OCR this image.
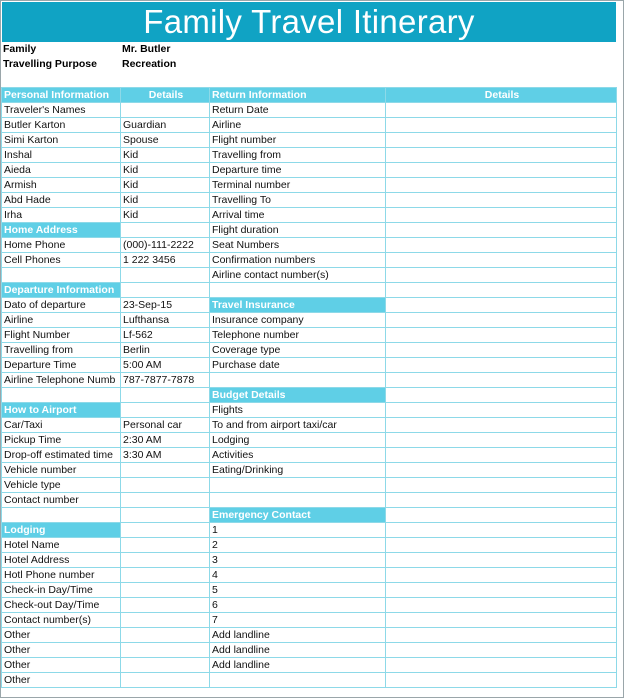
Family Travel Itinerary
Family	Mr. Butler
Travelling Purpose Recreation
Personal Information	Details	Return Information	Details
Traveler's Names		Return Date	
Butler Karton	Guardian	Airline	
Simi Karton	Spouse	Flight number	
Inshal	Kid	Travelling from	
Aieda	Kid	Departure time	
Armish	Kid	Terminal number	
Abd Hade	Kid	Travelling To	
Irha	Kid	Arrival time	
Home Address		Flight duration	
Home Phone	(000)-111-2222	Seat Numbers	
Cell Phones	1 222 3456	Confirmation numbers	
		Airline contact number(s)	
Departure Information			
Dato of departure	23-Sep-15	Travel Insurance	
Airline	Lufthansa	Insurance company	
Flight Number	Lf-562	Telephone number	
Travelling from	Berlin	Coverage type	
Departure Time	5:00 AM	Purchase date	
Airline Telephone Numb	787-7877-7878		
		Budget Details	
How to Airport		Flights	
Car/Taxi	Personal car	To and from airport taxi/car	
Pickup Time	2:30 AM	Lodging	
Drop-off estimated time	3:30 AM	Activities	
Vehicle number		Eating/Drinking	
Vehicle type			
Contact number			
		Emergency Contact	
Lodging		1	
Hotel Name		2	
Hotel Address		3	
Hotl Phone number		4	
Check-in Day/Time		5	
Check-out Day/Time		6	
Contact number(s)		7	
Other		Add landline	
Other		Add landline	
Other		Add landline	
Other			
